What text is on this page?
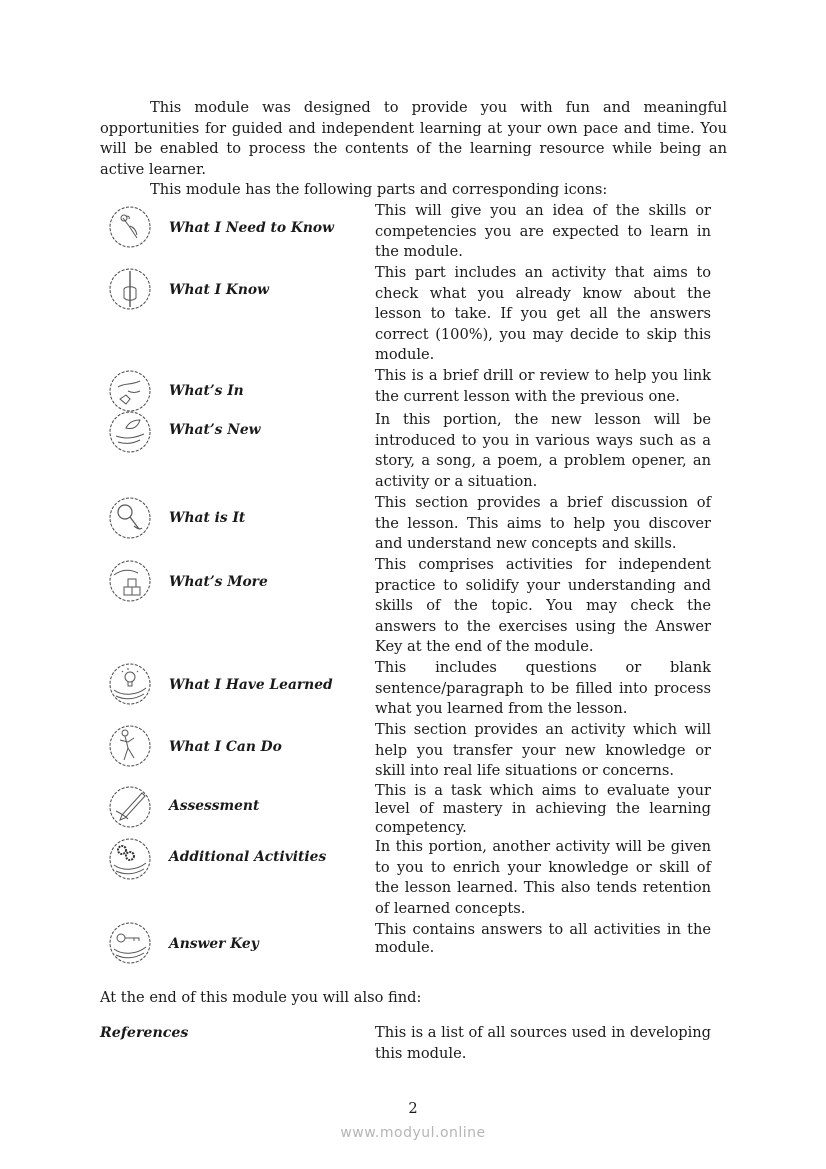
This module was designed to provide you with fun and meaningful opportunities for guided and independent learning at your own pace and time. You will be enabled to process the contents of the learning resource while being an active learner.

This module has the following parts and corresponding icons:

What I Need to Know

This will give you an idea of the skills or competencies you are expected to learn in the module.

What I Know

This part includes an activity that aims to check what you already know about the lesson to take. If you get all the answers correct (100%), you may decide to skip this module.

What’s In

This is a brief drill or review to help you link the current lesson with the previous one.

What’s New

In this portion, the new lesson will be introduced to you in various ways such as a story, a song, a poem, a problem opener, an activity or a situation.

What is It

This section provides a brief discussion of the lesson. This aims to help you discover and understand new concepts and skills.

What’s More

This comprises activities for independent practice to solidify your understanding and skills of the topic. You may check the answers to the exercises using the Answer Key at the end of the module.

What I Have Learned

This includes questions or blank sentence/paragraph to be filled into process what you learned from the lesson.

What I Can Do

This section provides an activity which will help you transfer your new knowledge or skill into real life situations or concerns.

Assessment

This is a task which aims to evaluate your level of mastery in achieving the learning competency.

Additional Activities

In this portion, another activity will be given to you to enrich your knowledge or skill of the lesson learned. This also tends retention of learned concepts.

Answer Key

This contains answers to all activities in the module.

At the end of this module you will also find:

References	This is a list of all sources used in developing this module.
2
www.modyul.online
